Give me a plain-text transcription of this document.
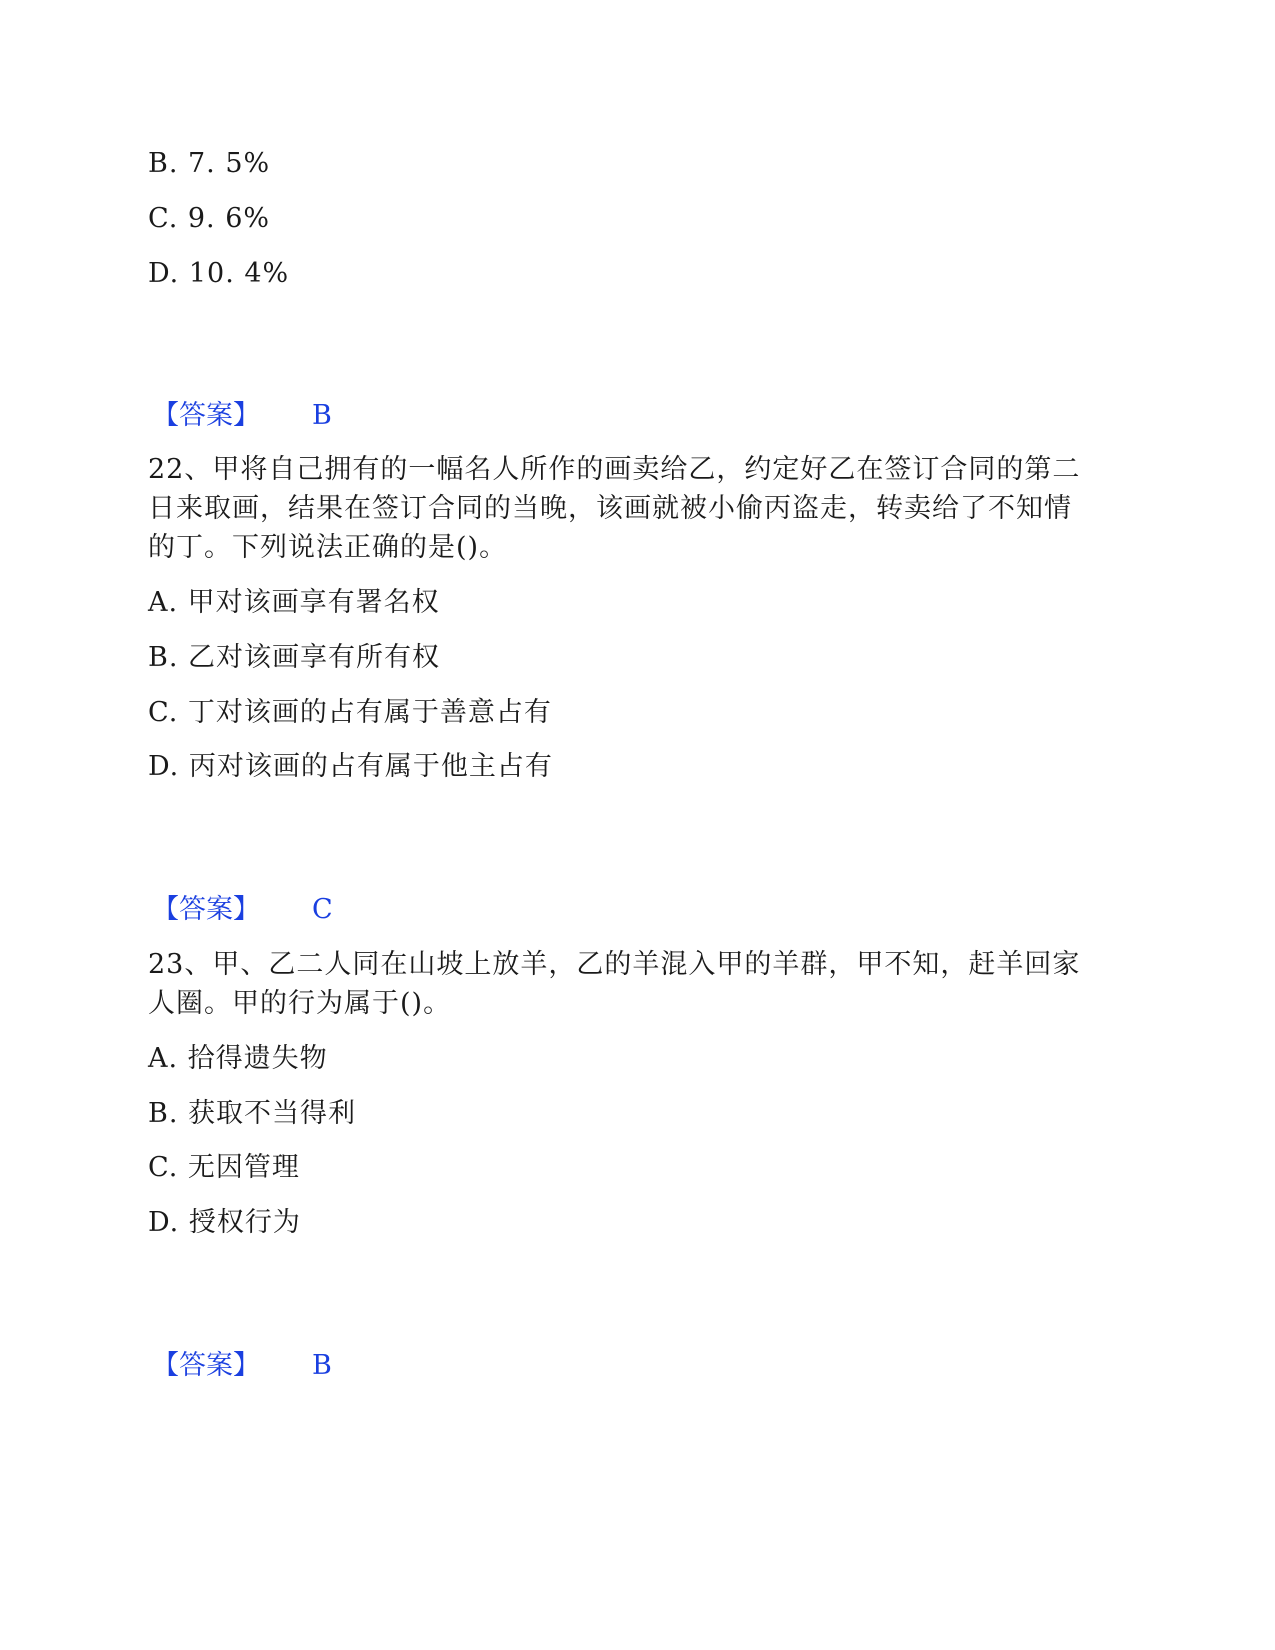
B. 7. 5%
C. 9. 6%
D. 10. 4%
【答案】 B
22、甲将自己拥有的一幅名人所作的画卖给乙，约定好乙在签订合同的第二
日来取画，结果在签订合同的当晚，该画就被小偷丙盗走，转卖给了不知情
的丁。下列说法正确的是()。
A. 甲对该画享有署名权
B. 乙对该画享有所有权
C. 丁对该画的占有属于善意占有
D. 丙对该画的占有属于他主占有
【答案】 C
23、甲、乙二人同在山坡上放羊，乙的羊混入甲的羊群，甲不知，赶羊回家
人圈。甲的行为属于()。
A. 拾得遗失物
B. 获取不当得利
C. 无因管理
D. 授权行为
【答案】 B
